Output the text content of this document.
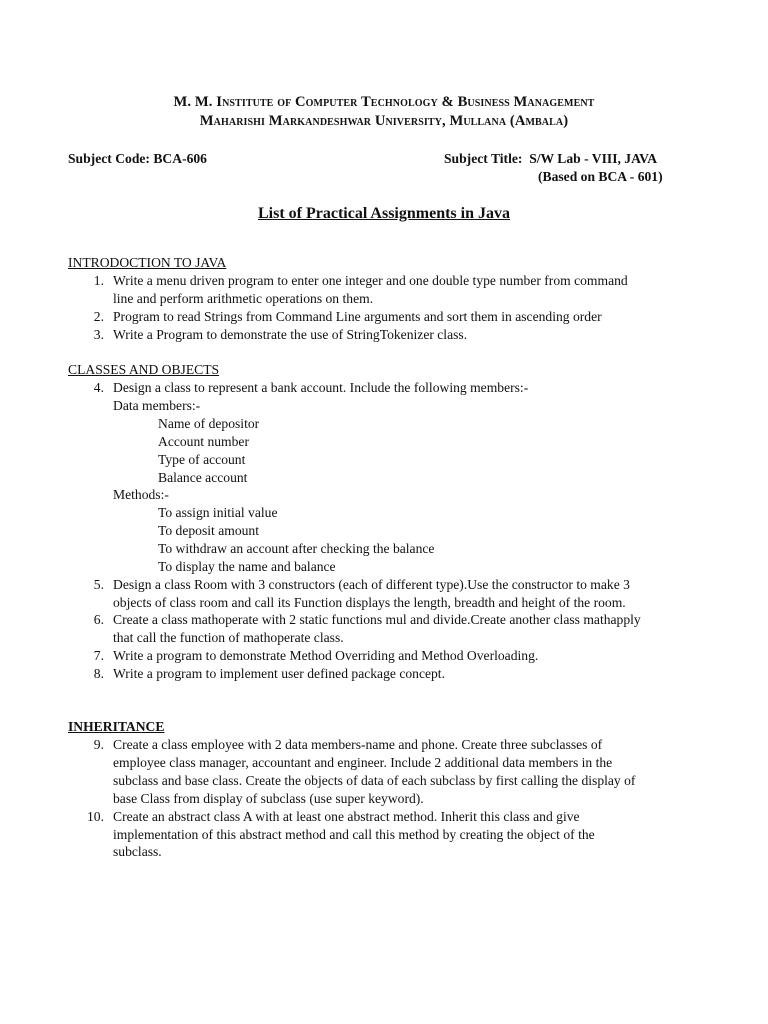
M. M. Institute of Computer Technology & Business Management
Maharishi Markandeshwar University, Mullana (Ambala)
Subject Code: BCA-606	Subject Title: S/W Lab - VIII, JAVA
(Based on BCA - 601)
List of Practical Assignments in Java
INTRODOCTION TO JAVA
1. Write a menu driven program to enter one integer and one double type number from command
line and perform arithmetic operations on them.
2. Program to read Strings from Command Line arguments and sort them in ascending order
3. Write a Program to demonstrate the use of StringTokenizer class.
CLASSES AND OBJECTS
4. Design a class to represent a bank account. Include the following members:-
Data members:-
Name of depositor
Account number
Type of account
Balance account
Methods:-
To assign initial value
To deposit amount
To withdraw an account after checking the balance
To display the name and balance
5. Design a class Room with 3 constructors (each of different type).Use the constructor to make 3
objects of class room and call its Function displays the length, breadth and height of the room.
6. Create a class mathoperate with 2 static functions mul and divide.Create another class mathapply
that call the function of mathoperate class.
7. Write a program to demonstrate Method Overriding and Method Overloading.
8. Write a program to implement user defined package concept.
INHERITANCE
9. Create a class employee with 2 data members-name and phone. Create three subclasses of
employee class manager, accountant and engineer. Include 2 additional data members in the
subclass and base class. Create the objects of data of each subclass by first calling the display of
base Class from display of subclass (use super keyword).
10. Create an abstract class A with at least one abstract method. Inherit this class and give
implementation of this abstract method and call this method by creating the object of the
subclass.
